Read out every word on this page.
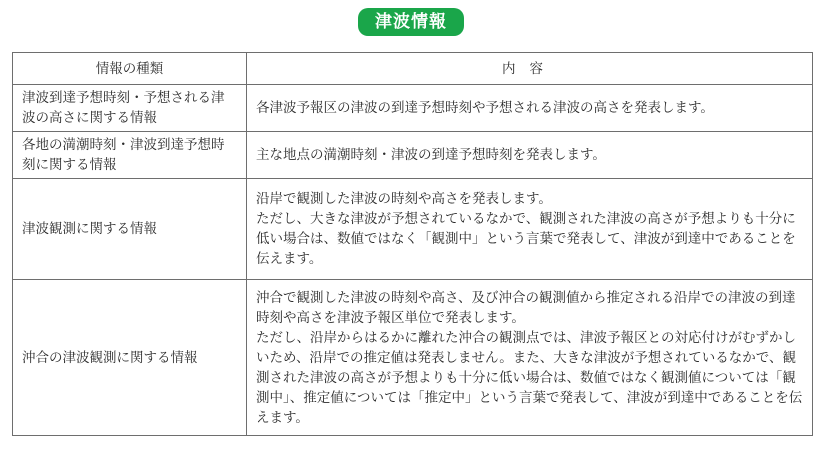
津波情報
情報の種類	内容
津波到達予想時刻・予想される津波の高さに関する情報	各津波予報区の津波の到達予想時刻や予想される津波の高さを発表します。

各地の満潮時刻・津波到達予想時刻に関する情報	主な地点の満潮時刻・津波の到達予想時刻を発表します。

津波観測に関する情報	沿岸で観測した津波の時刻や高さを発表します。

ただし、大きな津波が予想されているなかで、観測された津波の高さが予想よりも十分に低い場合は、数値ではなく「観測中」という言葉で発表して、津波が到達中であることを伝えます。

沖合の津波観測に関する情報	沖合で観測した津波の時刻や高さ、及び沖合の観測値から推定される沿岸での津波の到達時刻や高さを津波予報区単位で発表します。

ただし、沿岸からはるかに離れた沖合の観測点では、津波予報区との対応付けがむずかしいため、沿岸での推定値は発表しません。また、大きな津波が予想されているなかで、観測された津波の高さが予想よりも十分に低い場合は、数値ではなく観測値については「観測中」、推定値については「推定中」という言葉で発表して、津波が到達中であることを伝えます。
